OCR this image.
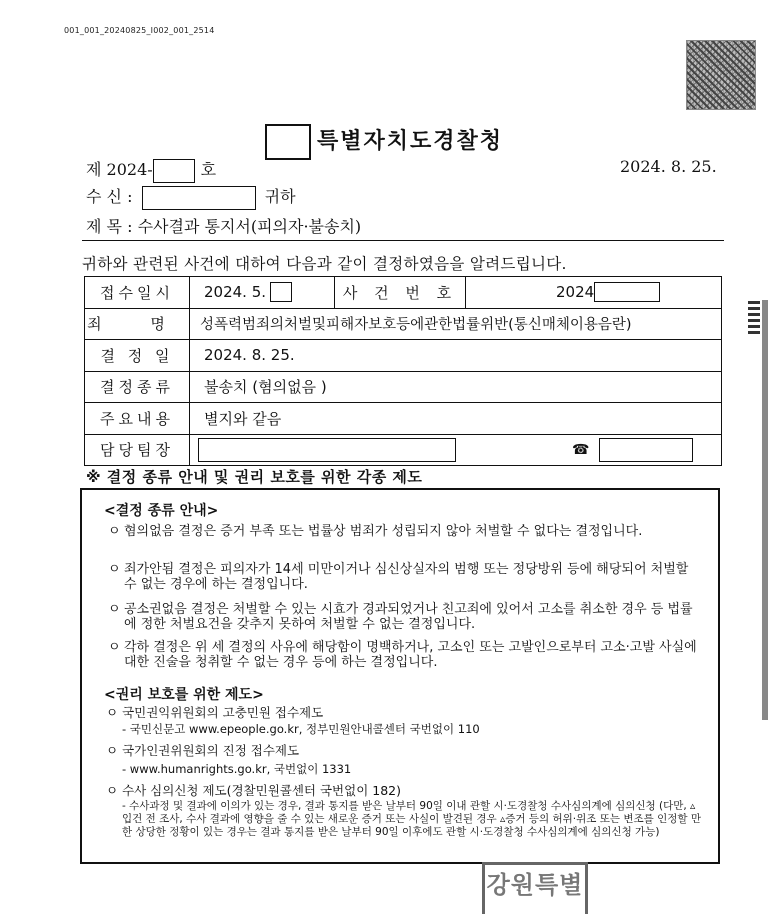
001_001_20240825_I002_001_2514
특별자치도경찰청
제 2024-	호	2024. 8. 25.
수 신 :	귀하
제 목 : 수사결과 통지서(피의자·불송치)
귀하와 관련된 사건에 대하여 다음과 같이 결정하였음을 알려드립니다.
접수일시	2024. 5.	사 건 번 호	2024
죄 명 성폭력범죄의처벌및피해자보호등에관한법률위반(통신매체이용음란)
결 정 일	2024. 8. 25.
결정종류	불송치 (혐의없음 )
주요내용	별지와 같음
담당팀장	☎
※ 결정 종류 안내 및 권리 보호를 위한 각종 제도
<결정 종류 안내>
ㅇ 혐의없음 결정은 증거 부족 또는 법률상 범죄가 성립되지 않아 처벌할 수 없다는 결정입니다.
ㅇ 죄가안됨 결정은 피의자가 14세 미만이거나 심신상실자의 범행 또는 정당방위 등에 해당되어 처벌할 수 없는 경우에 하는 결정입니다.
ㅇ 공소권없음 결정은 처벌할 수 있는 시효가 경과되었거나 친고죄에 있어서 고소를 취소한 경우 등 법률에 정한 처벌요건을 갖추지 못하여 처벌할 수 없는 결정입니다.
ㅇ 각하 결정은 위 세 결정의 사유에 해당함이 명백하거나, 고소인 또는 고발인으로부터 고소·고발 사실에 대한 진술을 청취할 수 없는 경우 등에 하는 결정입니다.
<권리 보호를 위한 제도>
ㅇ 국민권익위원회의 고충민원 접수제도
- 국민신문고 www.epeople.go.kr, 정부민원안내콜센터 국번없이 110
ㅇ 국가인권위원회의 진정 접수제도
- www.humanrights.go.kr, 국번없이 1331
ㅇ 수사 심의신청 제도(경찰민원콜센터 국번없이 182)
- 수사과정 및 결과에 이의가 있는 경우, 결과 통지를 받은 날부터 90일 이내 관할 시·도경찰청 수사심의계에 심의신청 (다만, ▵입건 전 조사, 수사 결과에 영향을 줄 수 있는 새로운 증거 또는 사실이 발견된 경우 ▵증거 등의 허위·위조 또는 변조를 인정할 만한 상당한 정황이 있는 경우는 결과 통지를 받은 날부터 90일 이후에도 관할 시·도경찰청 수사심의계에 심의신청 가능)
강원특별
